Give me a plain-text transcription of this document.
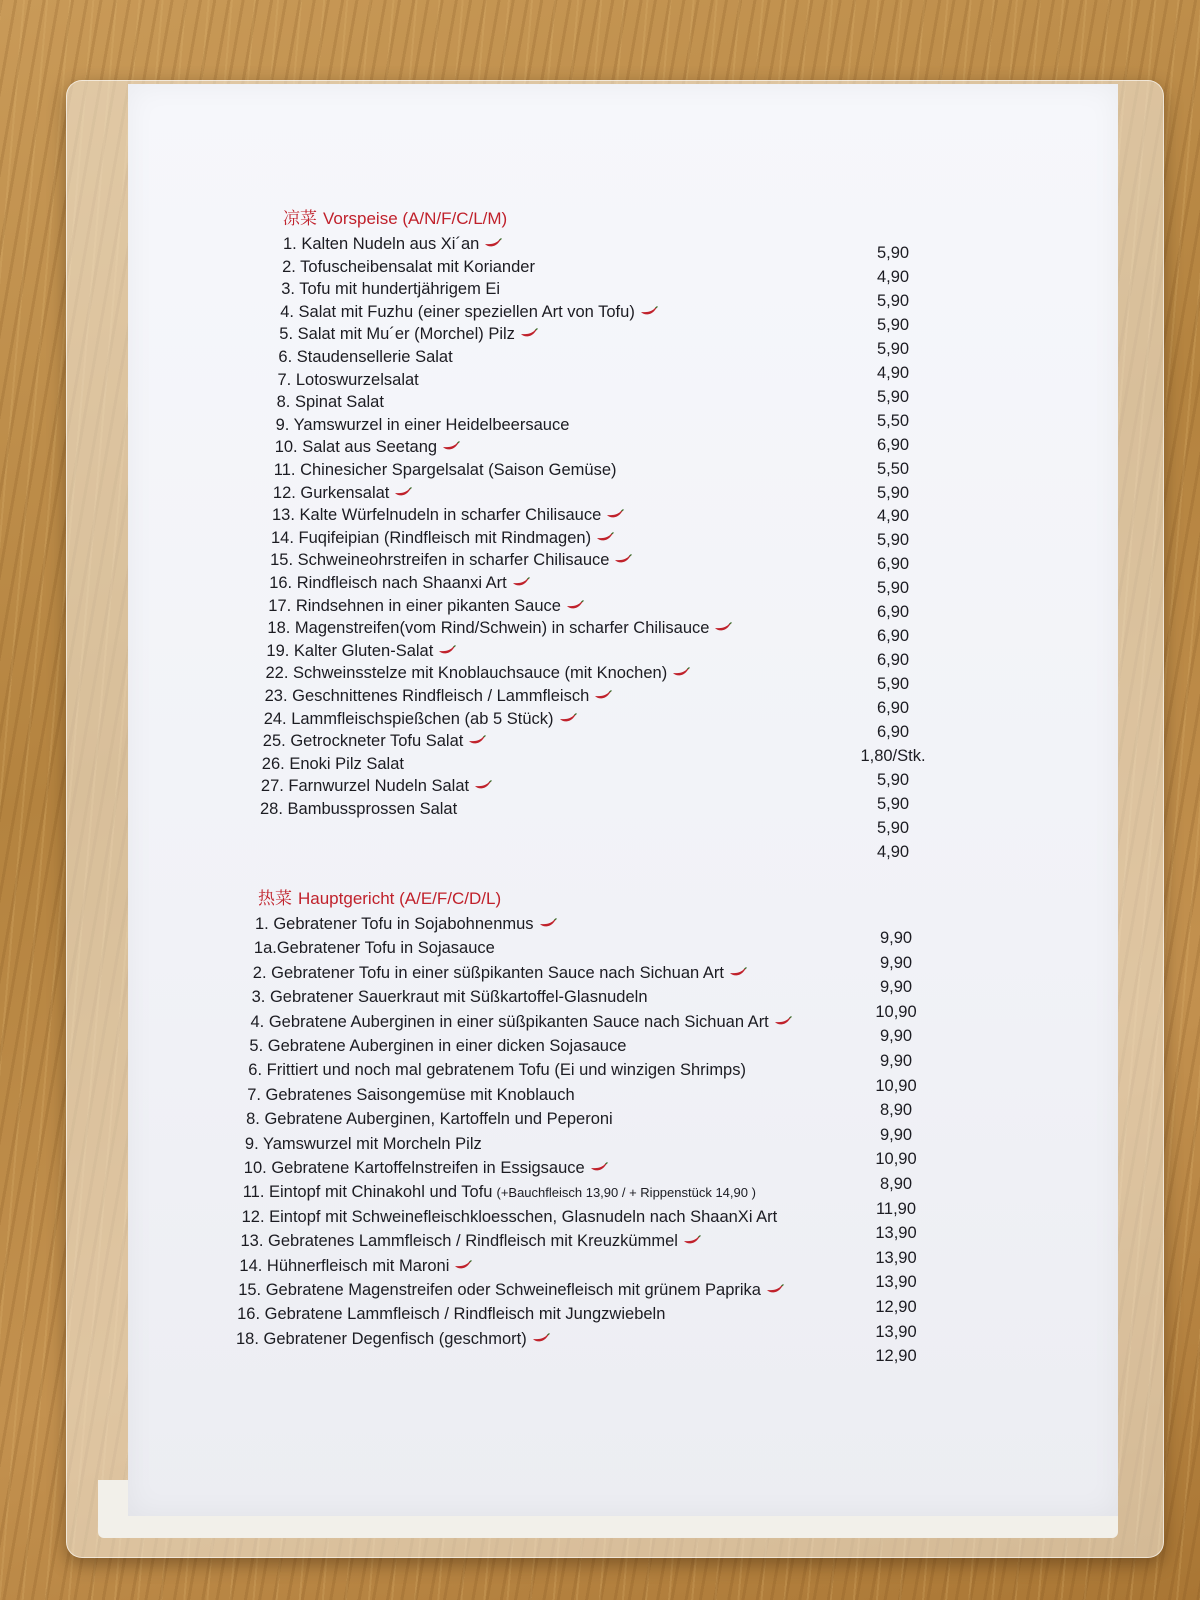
凉菜 Vorspeise (A/N/F/C/L/M)
1. Kalten Nudeln aus Xi´an	5,90
2. Tofuscheibensalat mit Koriander
4,90
3. Tofu mit hundertjährigem Ei
5,90
4. Salat mit Fuzhu (einer speziellen Art von Tofu)
5,90
5. Salat mit Mu´er (Morchel) Pilz
5,90
6. Staudensellerie Salat
4,90
7. Lotoswurzelsalat
5,90
8. Spinat Salat
5,50
9. Yamswurzel in einer Heidelbeersauce
6,90
10. Salat aus Seetang
5,50
11. Chinesicher Spargelsalat (Saison Gemüse)
5,90
12. Gurkensalat
4,90
13. Kalte Würfelnudeln in scharfer Chilisauce
5,90
14. Fuqifeipian (Rindfleisch mit Rindmagen)
6,90
15. Schweineohrstreifen in scharfer Chilisauce
5,90
16. Rindfleisch nach Shaanxi Art
6,90
17. Rindsehnen in einer pikanten Sauce
6,90
18. Magenstreifen(vom Rind/Schwein) in scharfer Chilisauce
6,90
19. Kalter Gluten-Salat
5,90
22. Schweinsstelze mit Knoblauchsauce (mit Knochen)
6,90
23. Geschnittenes Rindfleisch / Lammfleisch
6,90
24. Lammfleischspießchen (ab 5 Stück)
1,80/Stk.
25. Getrockneter Tofu Salat
5,90
26. Enoki Pilz Salat
5,90
27. Farnwurzel Nudeln Salat
5,90
28. Bambussprossen Salat
4,90
热菜 Hauptgericht (A/E/F/C/D/L)
1. Gebratener Tofu in Sojabohnenmus
9,90
1a.Gebratener Tofu in Sojasauce
9,90
2. Gebratener Tofu in einer süßpikanten Sauce nach Sichuan Art
9,90
3. Gebratener Sauerkraut mit Süßkartoffel-Glasnudeln
10,90
4. Gebratene Auberginen in einer süßpikanten Sauce nach Sichuan Art
9,90
5. Gebratene Auberginen in einer dicken Sojasauce
9,90
6. Frittiert und noch mal gebratenem Tofu (Ei und winzigen Shrimps)
10,90
7. Gebratenes Saisongemüse mit Knoblauch
8,90
8. Gebratene Auberginen, Kartoffeln und Peperoni
9,90
9. Yamswurzel mit Morcheln Pilz
10,90
10. Gebratene Kartoffelnstreifen in Essigsauce
8,90
11. Eintopf mit Chinakohl und Tofu (+Bauchfleisch 13,90 / + Rippenstück 14,90 )
11,90
12. Eintopf mit Schweinefleischkloesschen, Glasnudeln nach ShaanXi Art
13,90
13. Gebratenes Lammfleisch / Rindfleisch mit Kreuzkümmel
13,90
14. Hühnerfleisch mit Maroni
13,90
15. Gebratene Magenstreifen oder Schweinefleisch mit grünem Paprika
12,90
16. Gebratene Lammfleisch / Rindfleisch mit Jungzwiebeln
13,90
18. Gebratener Degenfisch (geschmort)
12,90
